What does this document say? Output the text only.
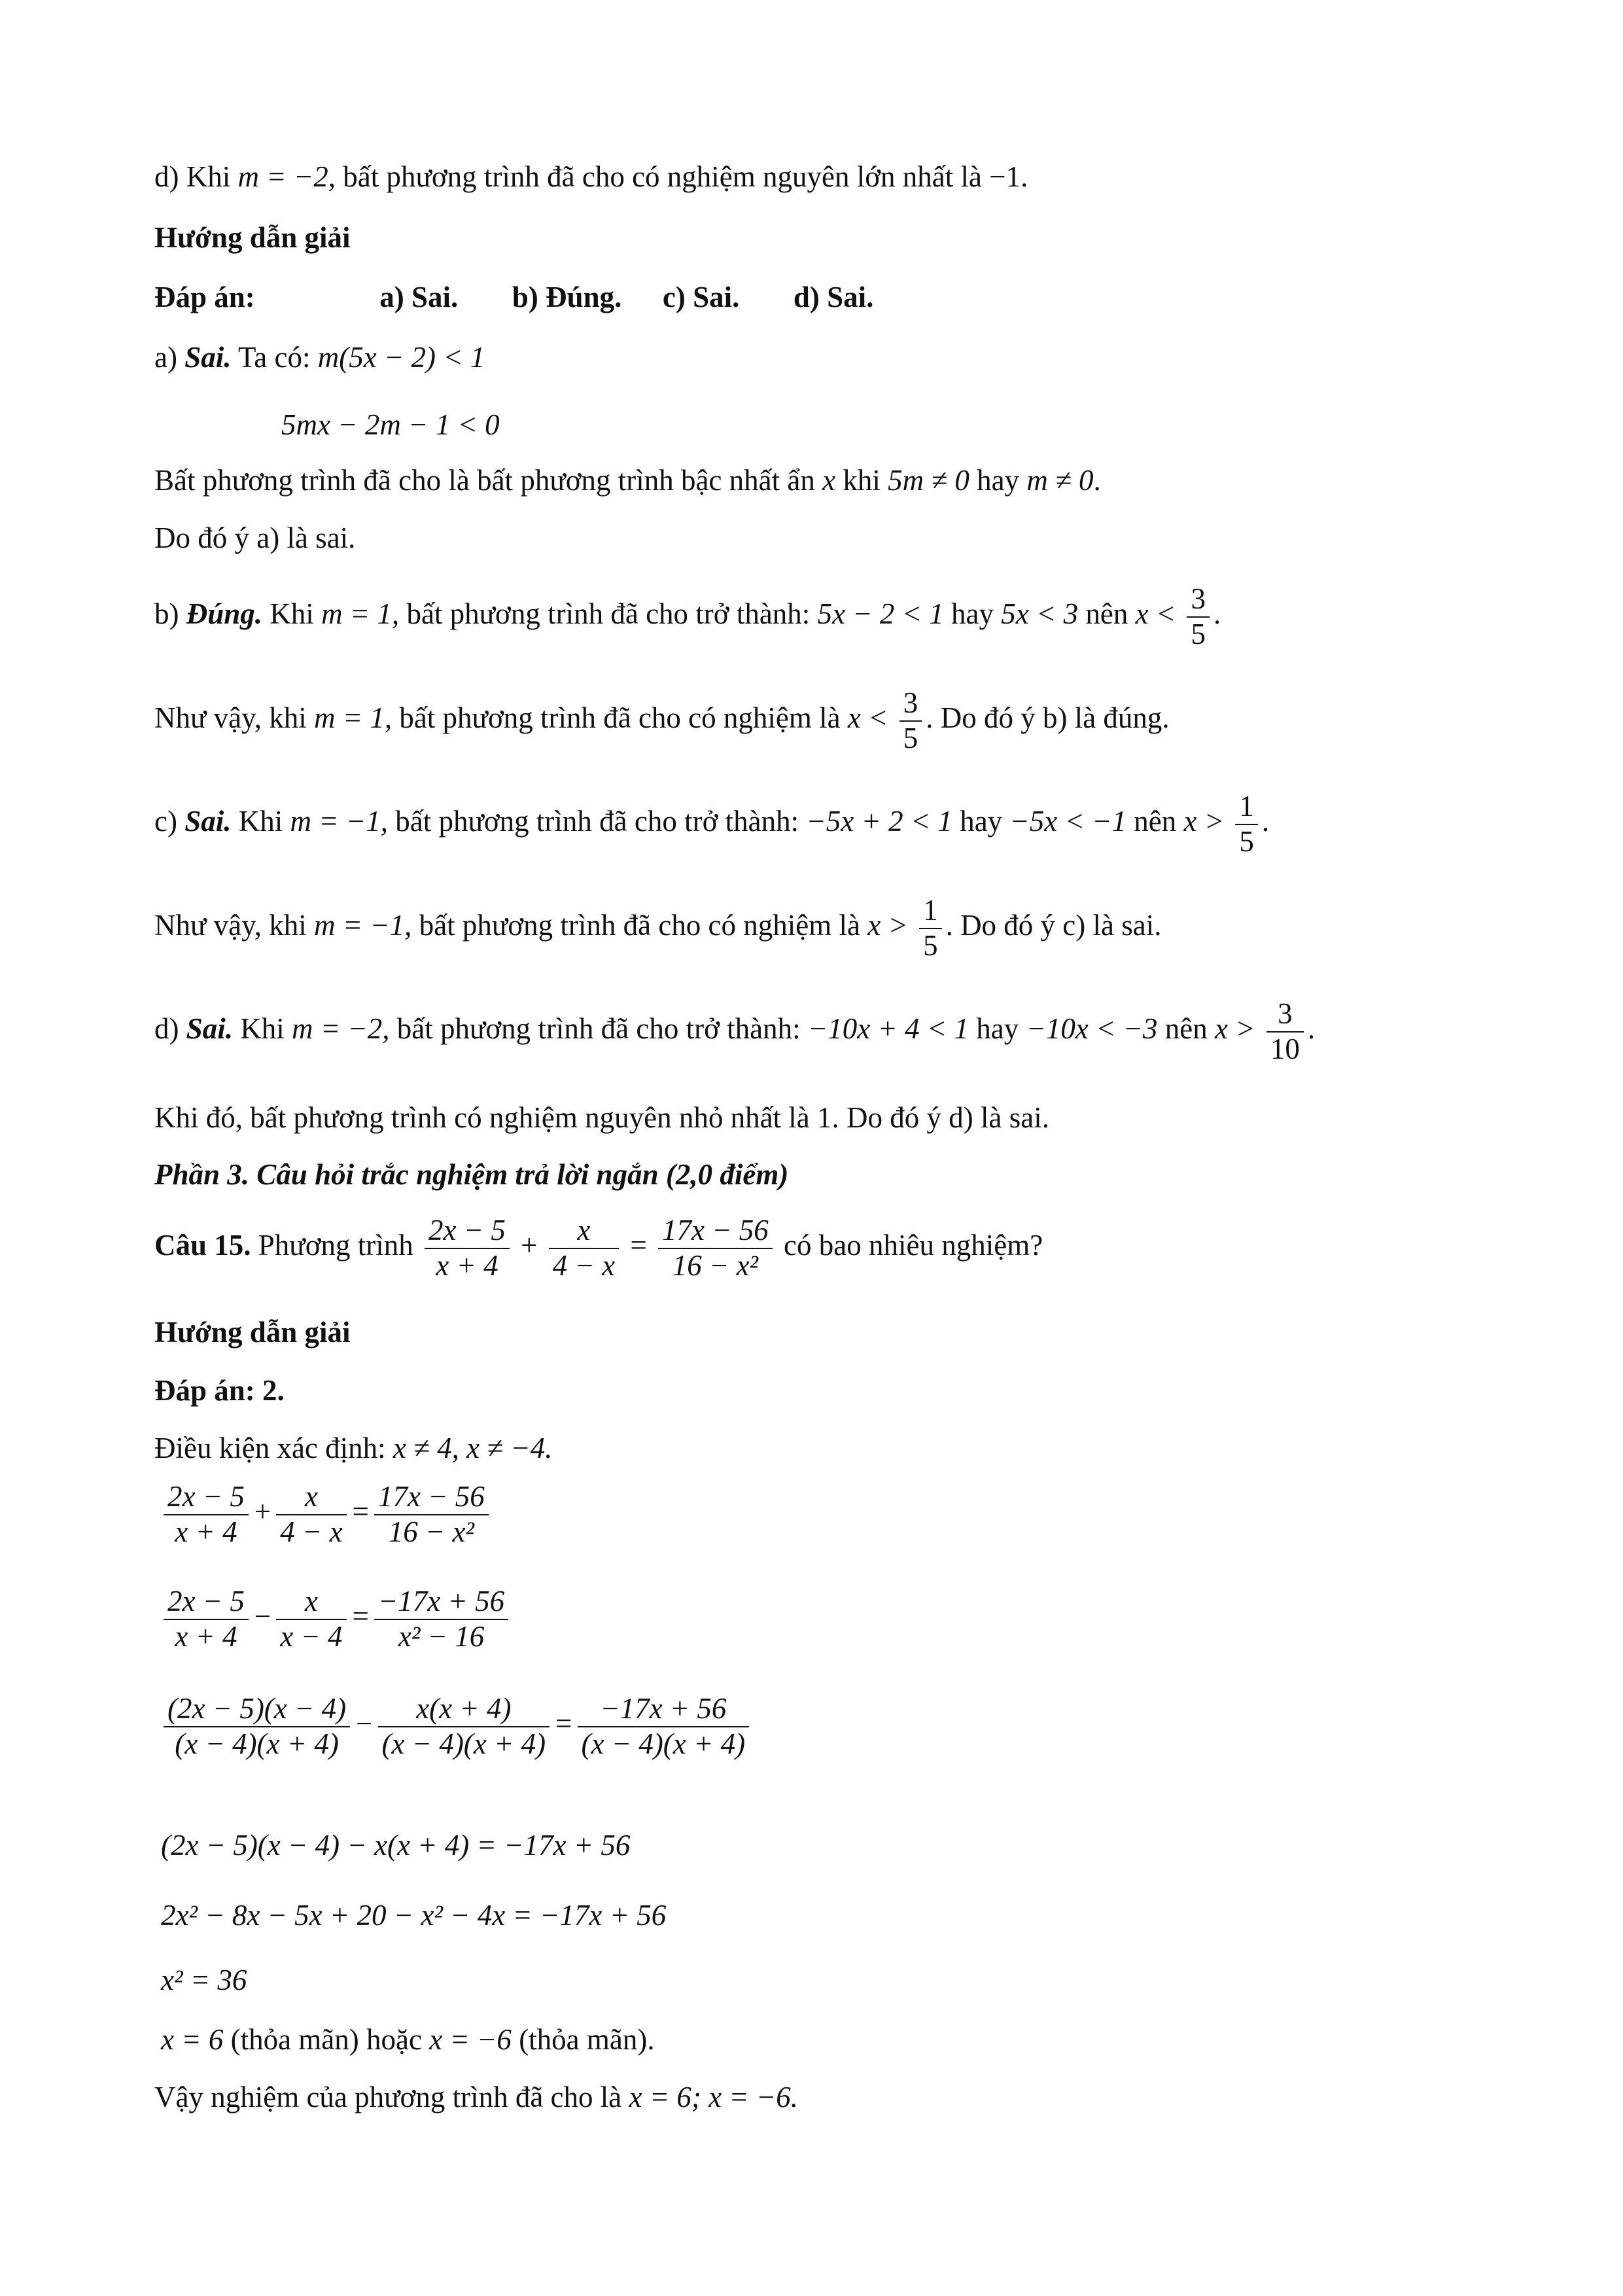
d) Khi m = −2, bất phương trình đã cho có nghiệm nguyên lớn nhất là −1.
Hướng dẫn giải
Đáp án:	a) Sai. b) Đúng. c) Sai. d) Sai.
a) Sai. Ta có: m(5x − 2) < 1
5mx − 2m − 1 < 0
Bất phương trình đã cho là bất phương trình bậc nhất ẩn x khi 5m ≠ 0 hay m ≠ 0.
Do đó ý a) là sai.
b) Đúng. Khi m = 1, bất phương trình đã cho trở thành: 5x − 2 < 1 hay 5x < 3 nên $x < \frac{3}{5}$ .
Như vậy, khi m = 1, bất phương trình đã cho có nghiệm là $x < \frac{3}{5}$ . Do đó ý b) là đúng.
c) Sai. Khi m = −1, bất phương trình đã cho trở thành: −5x + 2 < 1 hay −5x < −1 nên $x > \frac{1}{5}$ .
Như vậy, khi m = −1, bất phương trình đã cho có nghiệm là $x > \frac{1}{5}$ . Do đó ý c) là sai.
d) Sai. Khi m = −2, bất phương trình đã cho trở thành: −10x + 4 < 1 hay −10x < −3 nên $x > \frac{3}{10}$ .
Khi đó, bất phương trình có nghiệm nguyên nhỏ nhất là 1. Do đó ý d) là sai.
Phần 3. Câu hỏi trắc nghiệm trả lời ngắn (2,0 điểm)
Câu 15. Phương trình $\frac{2x - 5}{x + 4} + \frac{x}{4 - x} = \frac{17x - 56}{\text{16 − x²}}$ có bao nhiêu nghiệm?
Hướng dẫn giải
Đáp án: 2.
Điều kiện xác định: x ≠ 4, x ≠ −4.
$\frac{2x - 5}{x + 4} + \frac{x}{4 - x} = \frac{17x - 56}{\text{16 − x²}}$
$\frac{2x - 5}{x + 4} - \frac{x}{x - 4} = \frac{-17x + 56}{\text{x² − 16}}$
$\frac{(2x - 5)(x - 4)}{(x - 4)(x + 4)} - \frac{x(x + 4)}{(x - 4)(x + 4)} = \frac{-17x + 56}{(x - 4)(x + 4)}$
(2x − 5)(x − 4) − x(x + 4) = −17x + 56
2x² − 8x − 5x + 20 − x² − 4x = −17x + 56
x² = 36
x = 6 (thỏa mãn) hoặc x = −6 (thỏa mãn).
Vậy nghiệm của phương trình đã cho là x = 6; x = −6.
